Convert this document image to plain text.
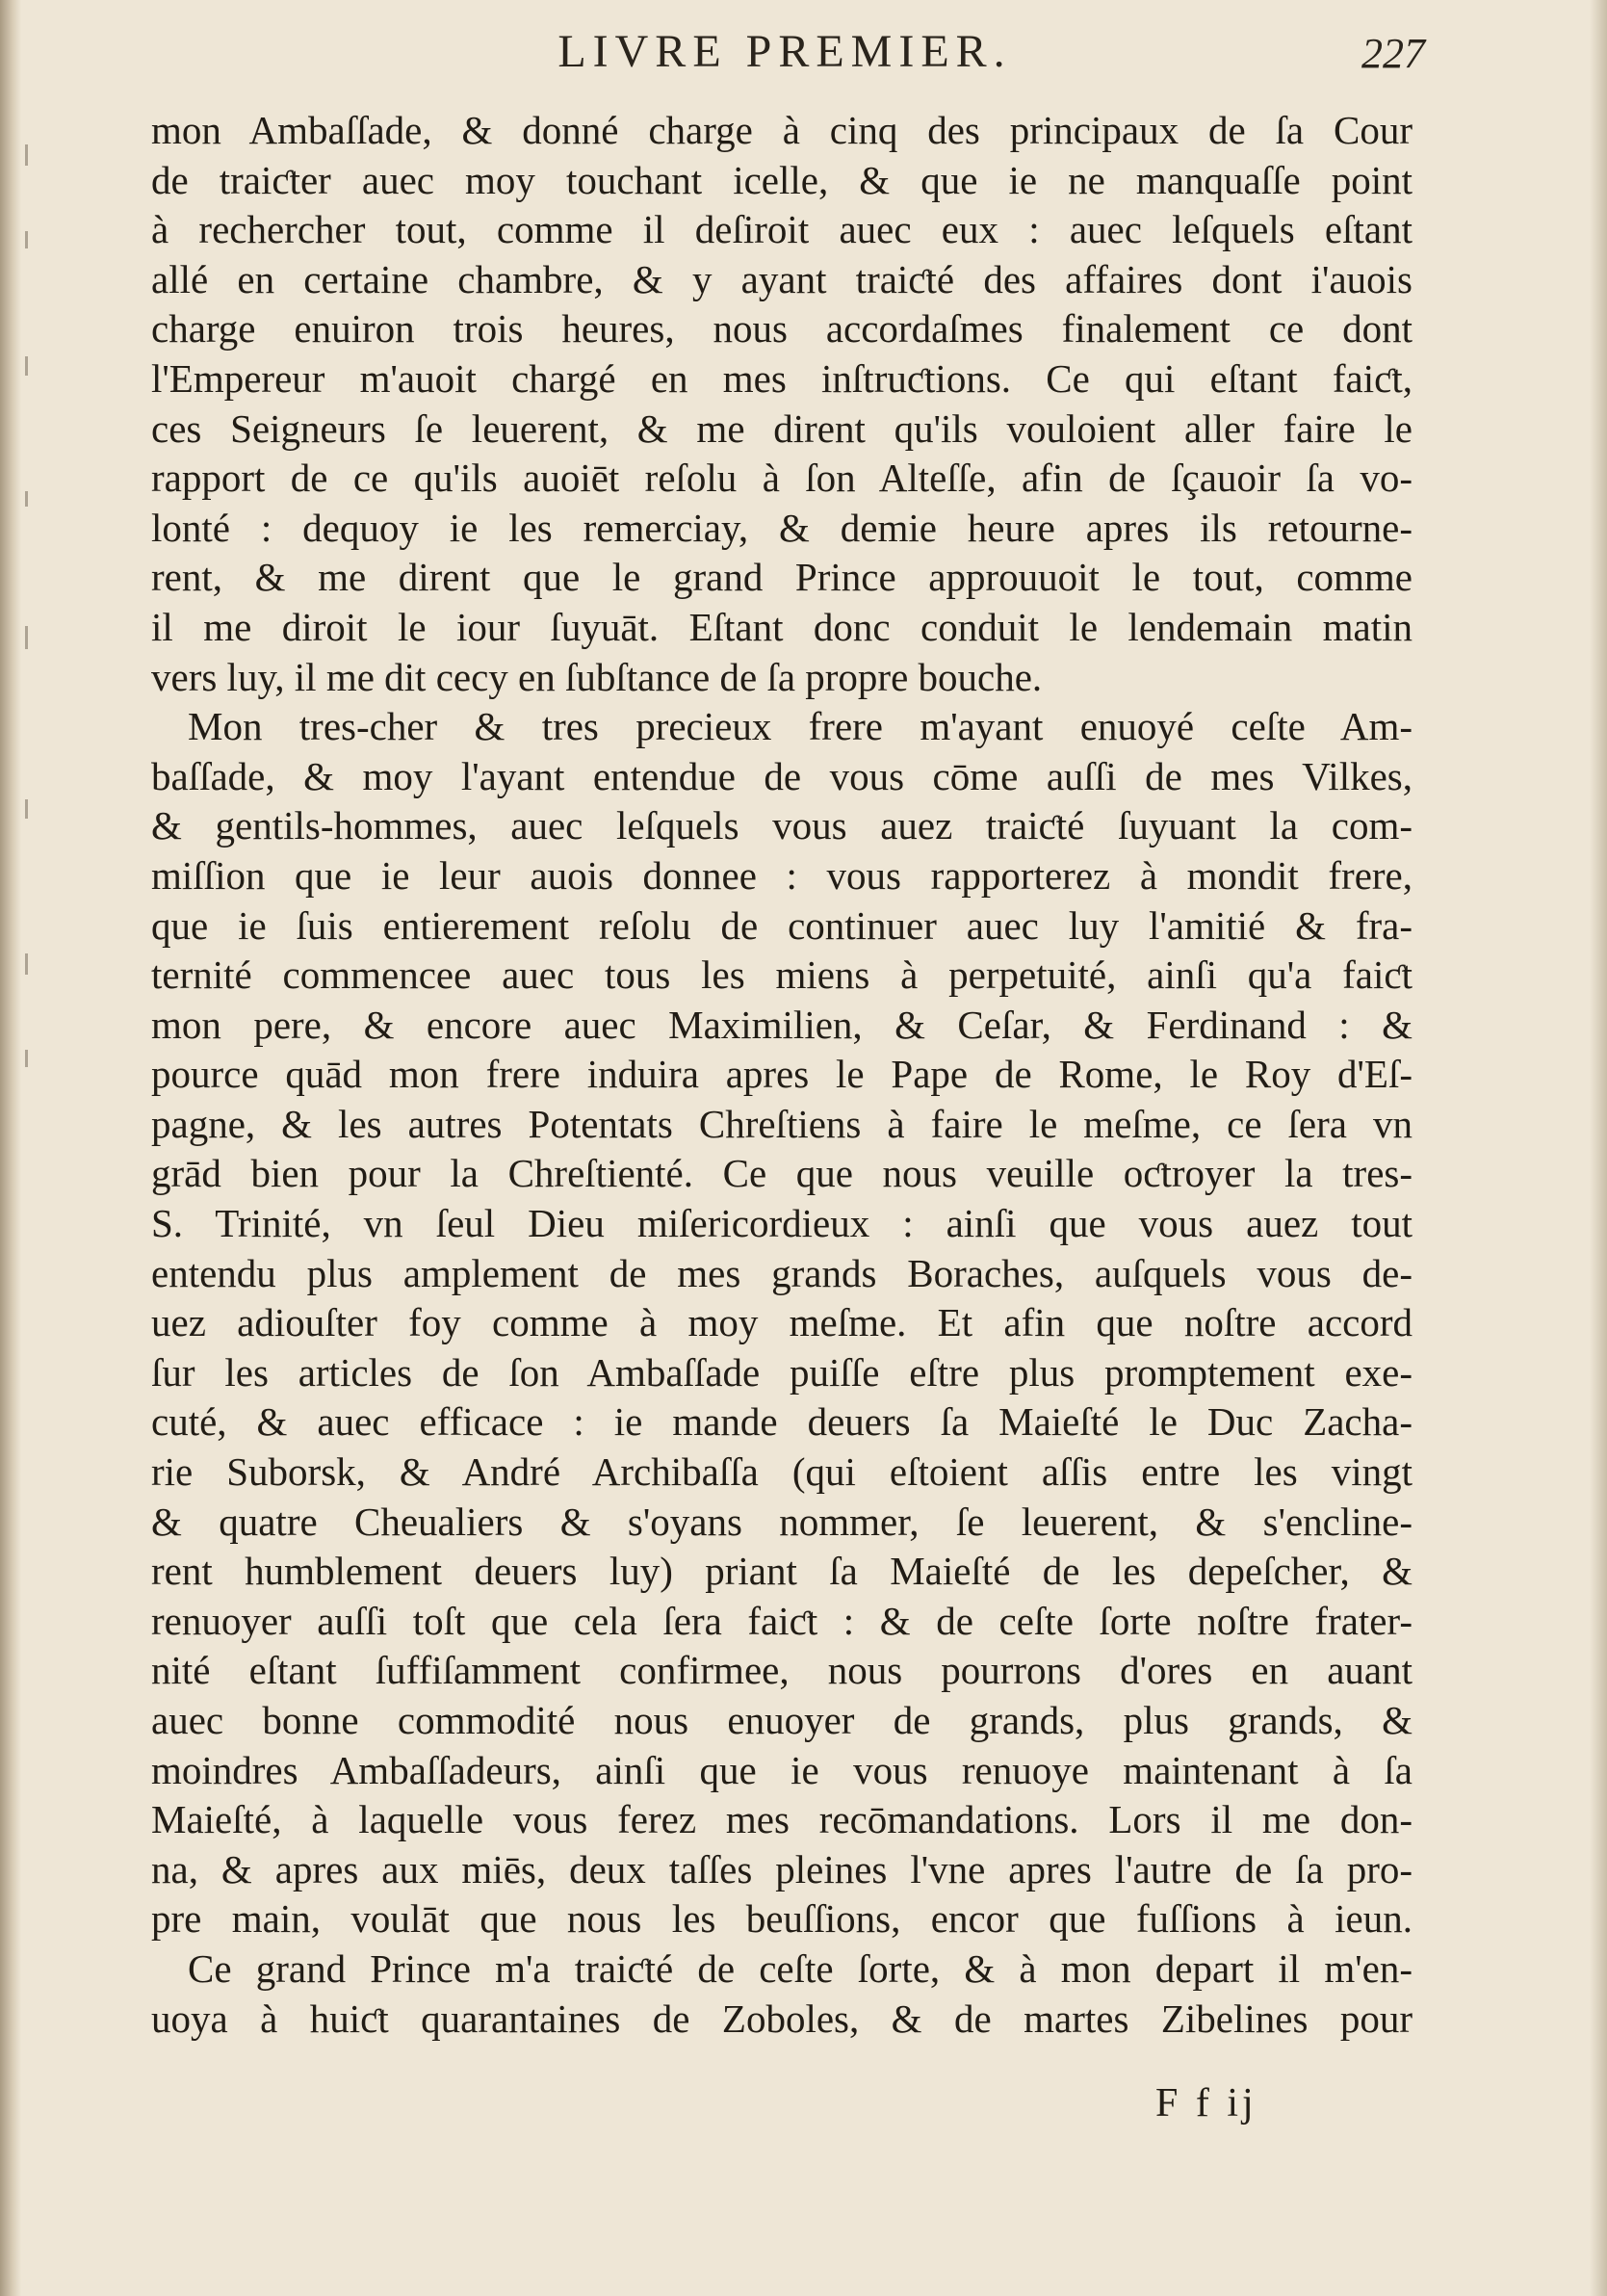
LIVRE PREMIER.	227
mon Ambaſſade, & donné charge à cinq des principaux de ſa Cour
de traiƈter auec moy touchant icelle, & que ie ne manquaſſe point
à rechercher tout, comme il deſiroit auec eux : auec leſquels eſtant
allé en certaine chambre, & y ayant traiƈté des affaires dont i'auois
charge enuiron trois heures, nous accordaſmes finalement ce dont
l'Empereur m'auoit chargé en mes inſtruƈtions. Ce qui eſtant faiƈt,
ces Seigneurs ſe leuerent, & me dirent qu'ils vouloient aller faire le
rapport de ce qu'ils auoiēt reſolu à ſon Alteſſe, afin de ſçauoir ſa vo-
lonté : dequoy ie les remerciay, & demie heure apres ils retourne-
rent, & me dirent que le grand Prince approuuoit le tout, comme
il me diroit le iour ſuyuāt. Eſtant donc conduit le lendemain matin
vers luy, il me dit cecy en ſubſtance de ſa propre bouche.
Mon tres-cher & tres precieux frere m'ayant enuoyé ceſte Am-
baſſade, & moy l'ayant entendue de vous cōme auſſi de mes Vilkes,
& gentils-hommes, auec leſquels vous auez traiƈté ſuyuant la com-
miſſion que ie leur auois donnee : vous rapporterez à mondit frere,
que ie ſuis entierement reſolu de continuer auec luy l'amitié & fra-
ternité commencee auec tous les miens à perpetuité, ainſi qu'a faiƈt
mon pere, & encore auec Maximilien, & Ceſar, & Ferdinand : &
pource quād mon frere induira apres le Pape de Rome, le Roy d'Eſ-
pagne, & les autres Potentats Chreſtiens à faire le meſme, ce ſera vn
grād bien pour la Chreſtienté. Ce que nous veuille oƈtroyer la tres-
S. Trinité, vn ſeul Dieu miſericordieux : ainſi que vous auez tout
entendu plus amplement de mes grands Boraches, auſquels vous de-
uez adiouſter foy comme à moy meſme. Et afin que noſtre accord
ſur les articles de ſon Ambaſſade puiſſe eſtre plus promptement exe-
cuté, & auec efficace : ie mande deuers ſa Maieſté le Duc Zacha-
rie Suborsk, & André Archibaſſa (qui eſtoient aſſis entre les vingt
& quatre Cheualiers & s'oyans nommer, ſe leuerent, & s'encline-
rent humblement deuers luy) priant ſa Maieſté de les depeſcher, &
renuoyer auſſi toſt que cela ſera faiƈt : & de ceſte ſorte noſtre frater-
nité eſtant ſuffiſamment confirmee, nous pourrons d'ores en auant
auec bonne commodité nous enuoyer de grands, plus grands, &
moindres Ambaſſadeurs, ainſi que ie vous renuoye maintenant à ſa
Maieſté, à laquelle vous ferez mes recōmandations. Lors il me don-
na, & apres aux miēs, deux taſſes pleines l'vne apres l'autre de ſa pro-
pre main, voulāt que nous les beuſſions, encor que fuſſions à ieun.
Ce grand Prince m'a traiƈté de ceſte ſorte, & à mon depart il m'en-
uoya à huiƈt quarantaines de Zoboles, & de martes Zibelines pour
F f ij
